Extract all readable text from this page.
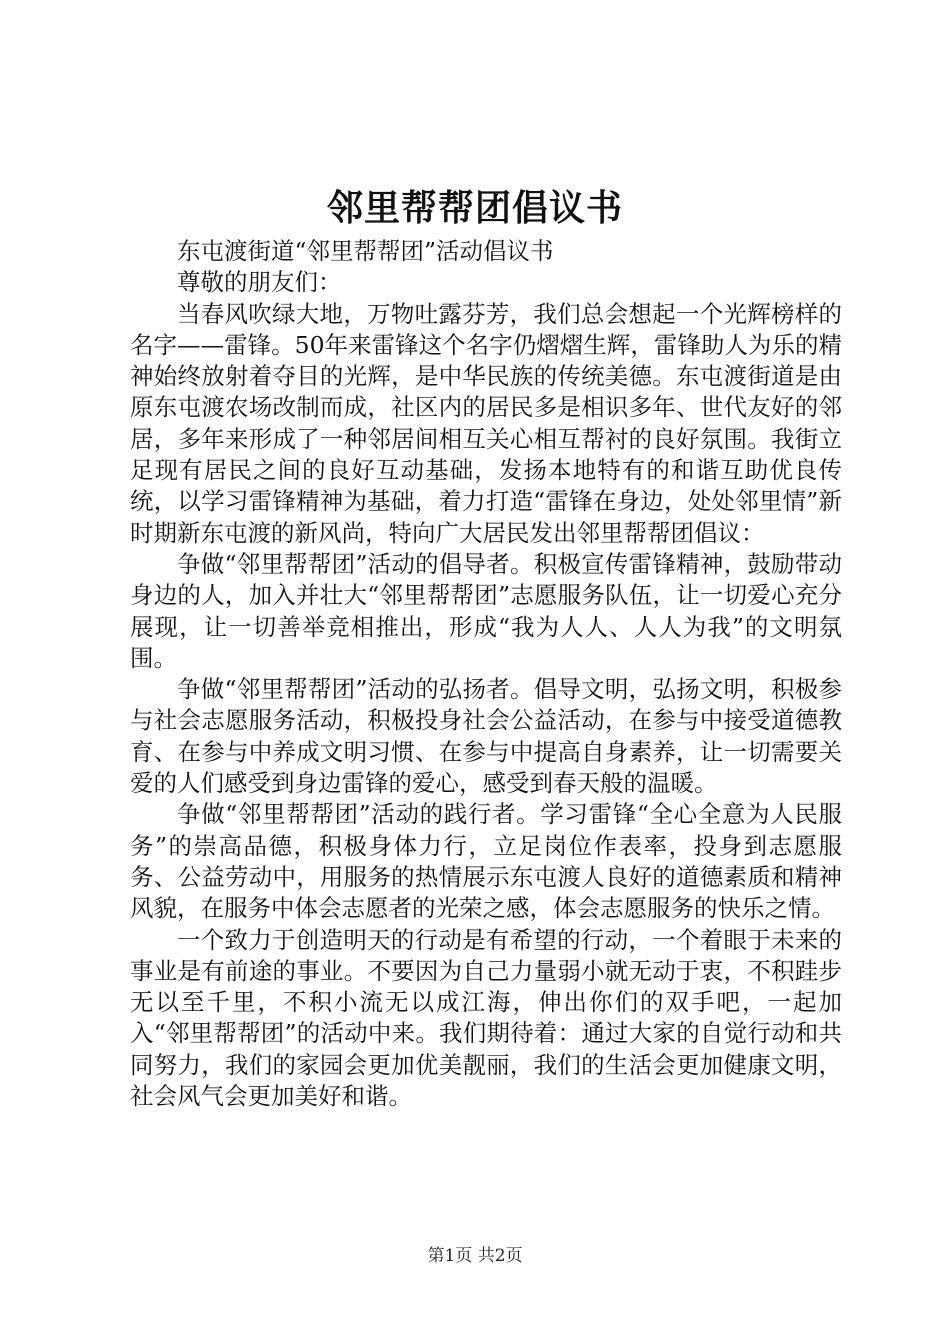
邻里帮帮团倡议书

东屯渡街道“邻里帮帮团”活动倡议书

尊敬的朋友们：

当春风吹绿大地，万物吐露芬芳，我们总会想起一个光辉榜样的名字——雷锋。50年来雷锋这个名字仍熠熠生辉，雷锋助人为乐的精神始终放射着夺目的光辉，是中华民族的传统美德。东屯渡街道是由原东屯渡农场改制而成，社区内的居民多是相识多年、世代友好的邻居，多年来形成了一种邻居间相互关心相互帮衬的良好氛围。我街立足现有居民之间的良好互动基础，发扬本地特有的和谐互助优良传统，以学习雷锋精神为基础，着力打造“雷锋在身边，处处邻里情”新时期新东屯渡的新风尚，特向广大居民发出邻里帮帮团倡议：

争做“邻里帮帮团”活动的倡导者。积极宣传雷锋精神，鼓励带动身边的人，加入并壮大“邻里帮帮团”志愿服务队伍，让一切爱心充分展现，让一切善举竞相推出，形成“我为人人、人人为我”的文明氛围。

争做“邻里帮帮团”活动的弘扬者。倡导文明，弘扬文明，积极参与社会志愿服务活动，积极投身社会公益活动，在参与中接受道德教育、在参与中养成文明习惯、在参与中提高自身素养，让一切需要关爱的人们感受到身边雷锋的爱心，感受到春天般的温暖。

争做“邻里帮帮团”活动的践行者。学习雷锋“全心全意为人民服务”的崇高品德，积极身体力行，立足岗位作表率，投身到志愿服务、公益劳动中，用服务的热情展示东屯渡人良好的道德素质和精神风貌，在服务中体会志愿者的光荣之感，体会志愿服务的快乐之情。

一个致力于创造明天的行动是有希望的行动，一个着眼于未来的事业是有前途的事业。不要因为自己力量弱小就无动于衷，不积跬步无以至千里，不积小流无以成江海，伸出你们的双手吧，一起加入“邻里帮帮团”的活动中来。我们期待着：通过大家的自觉行动和共同努力，我们的家园会更加优美靓丽，我们的生活会更加健康文明，社会风气会更加美好和谐。

第1页 共2页
